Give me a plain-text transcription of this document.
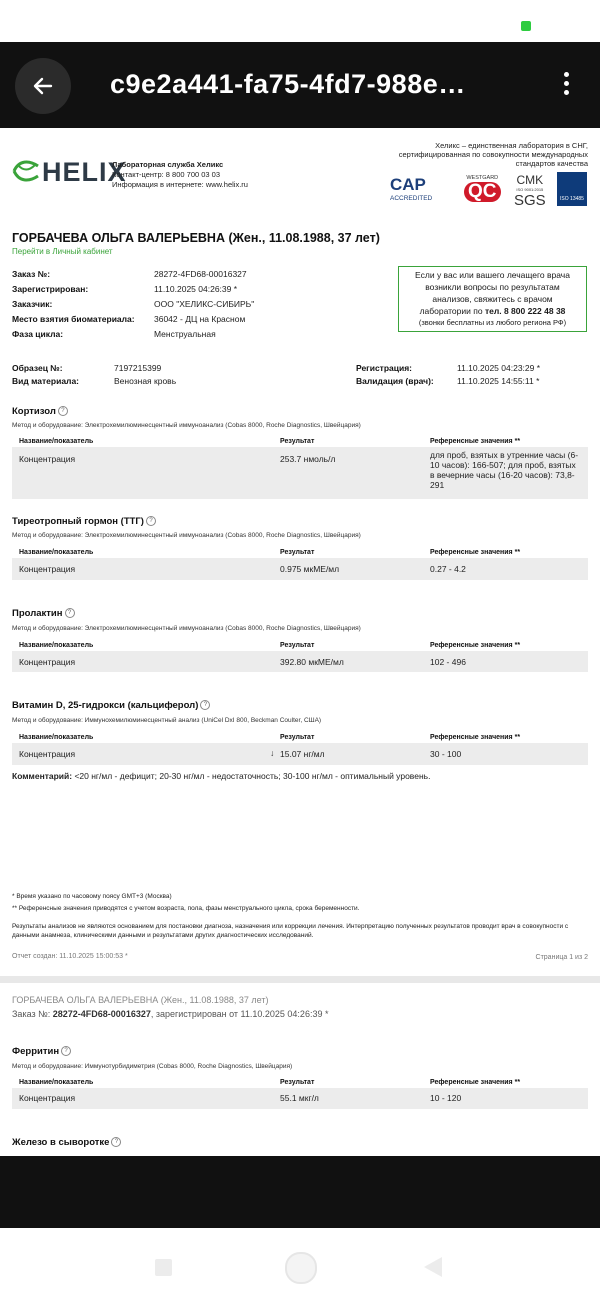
c9e2a441-fa75-4fd7-988e…
HELIX
Лабораторная служба Хеликс
Контакт-центр: 8 800 700 03 03
Информация в интернете: www.helix.ru
Хеликс – единственная лаборатория в СНГ, сертифицированная по совокупности международных стандартов качества
CAP
ACCREDITED
WESTGARD
QC
CMK
ISO 9001:2015
SGS	ISO 13485
ГОРБАЧЕВА ОЛЬГА ВАЛЕРЬЕВНА (Жен., 11.08.1988, 37 лет)
Перейти в Личный кабинет
Заказ №:	28272-4FD68-00016327
Зарегистрирован:	11.10.2025 04:26:39 *
Заказчик:	ООО "ХЕЛИКС-СИБИРЬ"
Место взятия биоматериала: 36042 - ДЦ на Красном
Фаза цикла:	Менструальная
Если у вас или вашего лечащего врача
возникли вопросы по результатам
анализов, свяжитесь с врачом
лаборатории по тел. 8 800 222 48 38
(звонки бесплатны из любого региона РФ)
Образец №:	7197215399
Вид материала:	Венозная кровь
Регистрация:	11.10.2025 04:23:29 *
Валидация (врач):	11.10.2025 14:55:11 *
Кортизол ?
Метод и оборудование: Электрохемилюминесцентный иммуноанализ (Cobas 8000, Roche Diagnostics, Швейцария)
Название/показатель	Результат	Референсные значения **
Концентрация	253.7 нмоль/л	для проб, взятых в утренние часы (6-10 часов): 166-507; для проб, взятых в вечерние часы (16-20 часов): 73,8-291
Тиреотропный гормон (ТТГ) ?
Метод и оборудование: Электрохемилюминесцентный иммуноанализ (Cobas 8000, Roche Diagnostics, Швейцария)
Название/показатель	Результат	Референсные значения **
Концентрация	0.975 мкМЕ/мл	0.27 - 4.2
Пролактин ?
Метод и оборудование: Электрохемилюминесцентный иммуноанализ (Cobas 8000, Roche Diagnostics, Швейцария)
Название/показатель	Результат	Референсные значения **
Концентрация	392.80 мкМЕ/мл	102 - 496
Витамин D, 25-гидрокси (кальциферол) ?
Метод и оборудование: Иммунохемилюминесцентный анализ (UniCel DxI 800, Beckman Coulter, США)
Название/показатель	Результат	Референсные значения **
Концентрация	↓ 15.07 нг/мл	30 - 100
Комментарий: <20 нг/мл - дефицит; 20-30 нг/мл - недостаточность; 30-100 нг/мл - оптимальный уровень.
* Время указано по часовому поясу GMT+3 (Москва)
** Референсные значения приводятся с учетом возраста, пола, фазы менструального цикла, срока беременности.
Результаты анализов не являются основанием для постановки диагноза, назначения или коррекции лечения. Интерпретацию полученных результатов проводит врач в совокупности с данными анамнеза, клиническими данными и результатами других диагностических исследований.
Отчет создан: 11.10.2025 15:00:53 *	Страница 1 из 2
ГОРБАЧЕВА ОЛЬГА ВАЛЕРЬЕВНА (Жен., 11.08.1988, 37 лет)
Заказ №: 28272-4FD68-00016327, зарегистрирован от 11.10.2025 04:26:39 *
Ферритин ?
Метод и оборудование: Иммунотурбидиметрия (Cobas 8000, Roche Diagnostics, Швейцария)
Название/показатель	Результат	Референсные значения **
Концентрация	55.1 мкг/л	10 - 120
Железо в сыворотке ?
